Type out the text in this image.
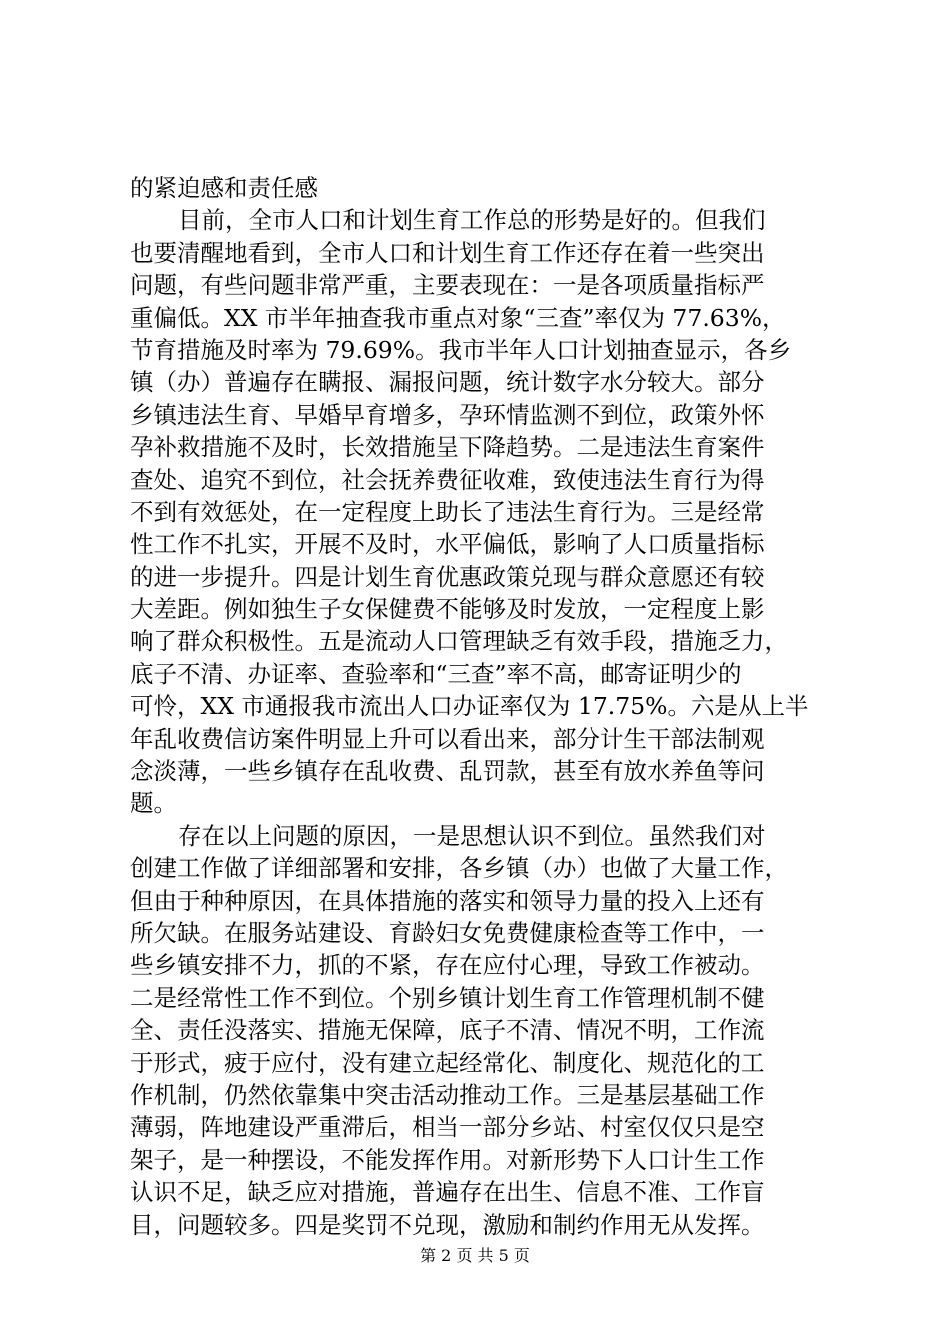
的紧迫感和责任感
目前，全市人口和计划生育工作总的形势是好的。但我们
也要清醒地看到，全市人口和计划生育工作还存在着一些突出
问题，有些问题非常严重，主要表现在：一是各项质量指标严
重偏低。XX 市半年抽查我市重点对象“三查”率仅为 77.63%，
节育措施及时率为 79.69%。我市半年人口计划抽查显示，各乡
镇（办）普遍存在瞒报、漏报问题，统计数字水分较大。部分
乡镇违法生育、早婚早育增多，孕环情监测不到位，政策外怀
孕补救措施不及时，长效措施呈下降趋势。二是违法生育案件
查处、追究不到位，社会抚养费征收难，致使违法生育行为得
不到有效惩处，在一定程度上助长了违法生育行为。三是经常
性工作不扎实，开展不及时，水平偏低，影响了人口质量指标
的进一步提升。四是计划生育优惠政策兑现与群众意愿还有较
大差距。例如独生子女保健费不能够及时发放，一定程度上影
响了群众积极性。五是流动人口管理缺乏有效手段，措施乏力，
底子不清、办证率、查验率和“三查”率不高，邮寄证明少的
可怜，XX 市通报我市流出人口办证率仅为 17.75%。六是从上半
年乱收费信访案件明显上升可以看出来，部分计生干部法制观
念淡薄，一些乡镇存在乱收费、乱罚款，甚至有放水养鱼等问
题。
存在以上问题的原因，一是思想认识不到位。虽然我们对
创建工作做了详细部署和安排，各乡镇（办）也做了大量工作，
但由于种种原因，在具体措施的落实和领导力量的投入上还有
所欠缺。在服务站建设、育龄妇女免费健康检查等工作中，一
些乡镇安排不力，抓的不紧，存在应付心理，导致工作被动。
二是经常性工作不到位。个别乡镇计划生育工作管理机制不健
全、责任没落实、措施无保障，底子不清、情况不明，工作流
于形式，疲于应付，没有建立起经常化、制度化、规范化的工
作机制，仍然依靠集中突击活动推动工作。三是基层基础工作
薄弱，阵地建设严重滞后，相当一部分乡站、村室仅仅只是空
架子，是一种摆设，不能发挥作用。对新形势下人口计生工作
认识不足，缺乏应对措施，普遍存在出生、信息不准、工作盲
目，问题较多。四是奖罚不兑现，激励和制约作用无从发挥。
第 2 页 共 5 页
